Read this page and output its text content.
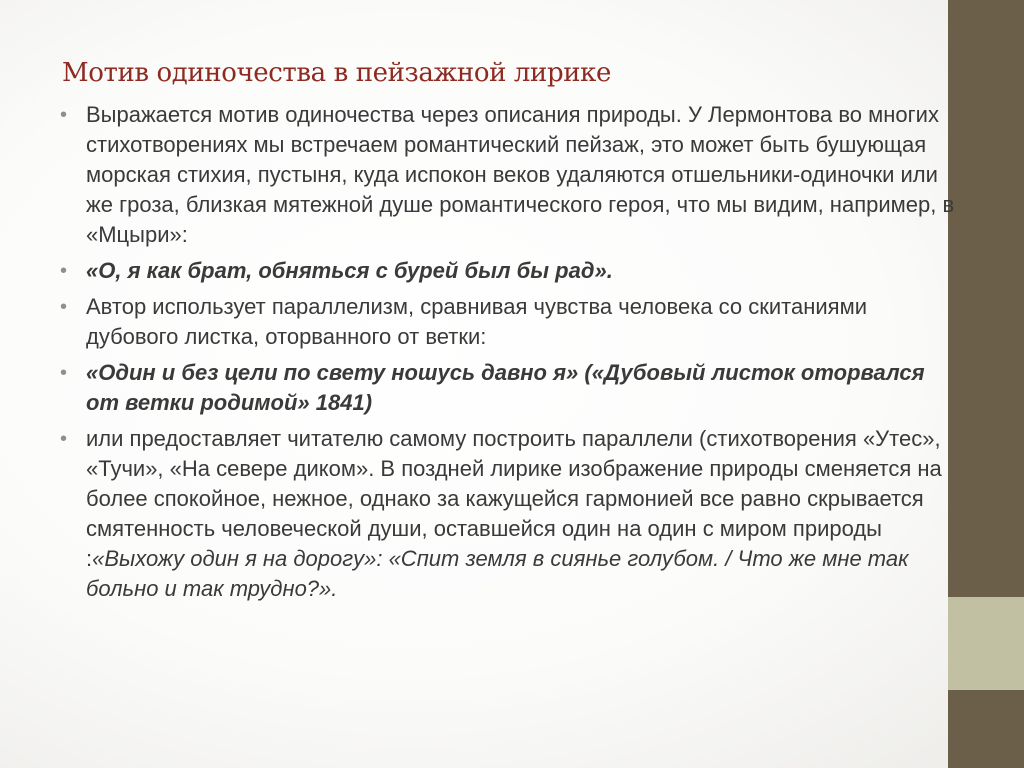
Мотив одиночества в пейзажной лирике
• Выражается мотив одиночества через описания природы. У Лермонтова во многих стихотворениях мы встречаем романтический пейзаж, это может быть бушующая морская стихия, пустыня, куда испокон веков удаляются отшельники-одиночки или же гроза, близкая мятежной душе романтического героя, что мы видим, например, в «Мцыри»:
• «О, я как брат, обняться с бурей был бы рад».
• Автор использует параллелизм, сравнивая чувства человека со скитаниями дубового листка, оторванного от ветки:
• «Один и без цели по свету ношусь давно я» («Дубовый листок оторвался от ветки родимой» 1841)
• или предоставляет читателю самому построить параллели (стихотворения «Утес», «Тучи», «На севере диком». В поздней лирике изображение природы сменяется на более спокойное, нежное, однако за кажущейся гармонией все равно скрывается смятенность человеческой души, оставшейся один на один с миром природы :«Выхожу один я на дорогу»: «Спит земля в сиянье голубом. / Что же мне так больно и так трудно?».
